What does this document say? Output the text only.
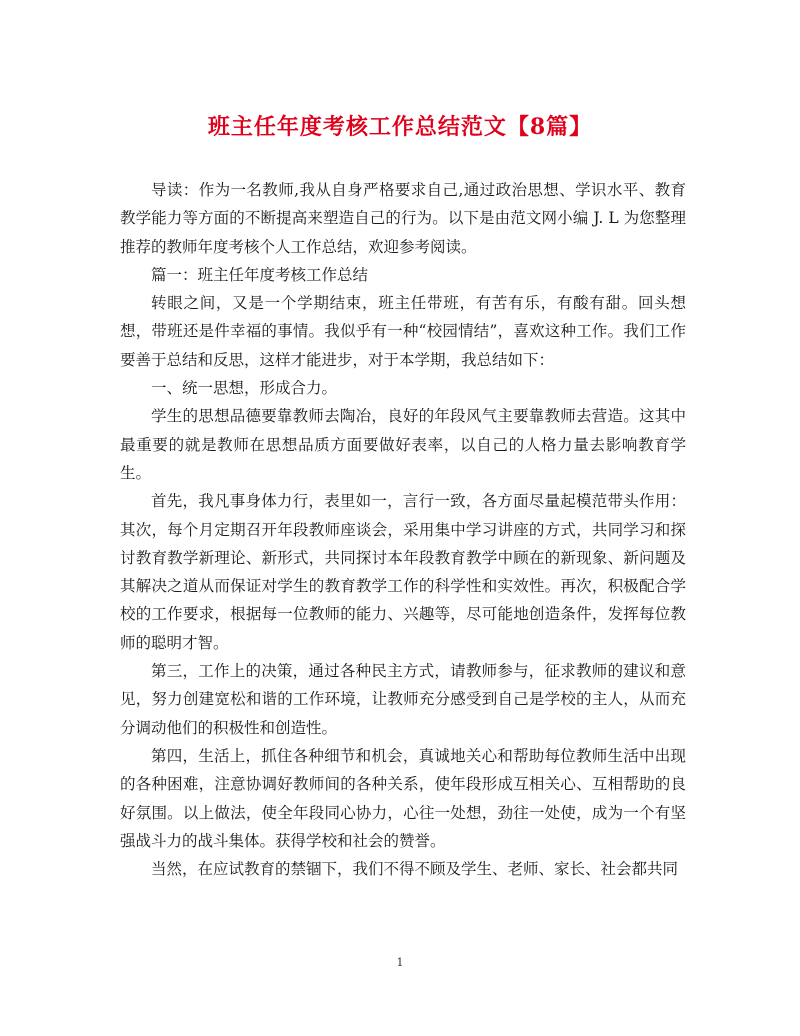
班主任年度考核工作总结范文【8篇】

导读：作为一名教师,我从自身严格要求自己,通过政治思想、学识水平、教育教学能力等方面的不断提高来塑造自己的行为。以下是由范文网小编 J. L 为您整理推荐的教师年度考核个人工作总结，欢迎参考阅读。

篇一：班主任年度考核工作总结

转眼之间，又是一个学期结束，班主任带班，有苦有乐，有酸有甜。回头想想，带班还是件幸福的事情。我似乎有一种“校园情结”，喜欢这种工作。我们工作要善于总结和反思，这样才能进步，对于本学期，我总结如下：

一、统一思想，形成合力。

学生的思想品德要靠教师去陶冶，良好的年段风气主要靠教师去营造。这其中最重要的就是教师在思想品质方面要做好表率，以自己的人格力量去影响教育学生。

首先，我凡事身体力行，表里如一，言行一致，各方面尽量起模范带头作用：其次，每个月定期召开年段教师座谈会，采用集中学习讲座的方式，共同学习和探讨教育教学新理论、新形式，共同探讨本年段教育教学中顾在的新现象、新问题及其解决之道从而保证对学生的教育教学工作的科学性和实效性。再次，积极配合学校的工作要求，根据每一位教师的能力、兴趣等，尽可能地创造条件，发挥每位教师的聪明才智。

第三，工作上的决策，通过各种民主方式，请教师参与，征求教师的建议和意见，努力创建宽松和谐的工作环境，让教师充分感受到自己是学校的主人，从而充分调动他们的积极性和创造性。

第四，生活上，抓住各种细节和机会，真诚地关心和帮助每位教师生活中出现的各种困难，注意协调好教师间的各种关系，使年段形成互相关心、互相帮助的良好氛围。以上做法，使全年段同心协力，心往一处想，劲往一处使，成为一个有坚强战斗力的战斗集体。获得学校和社会的赞誉。

当然，在应试教育的禁锢下，我们不得不顾及学生、老师、家长、社会都共同

1
